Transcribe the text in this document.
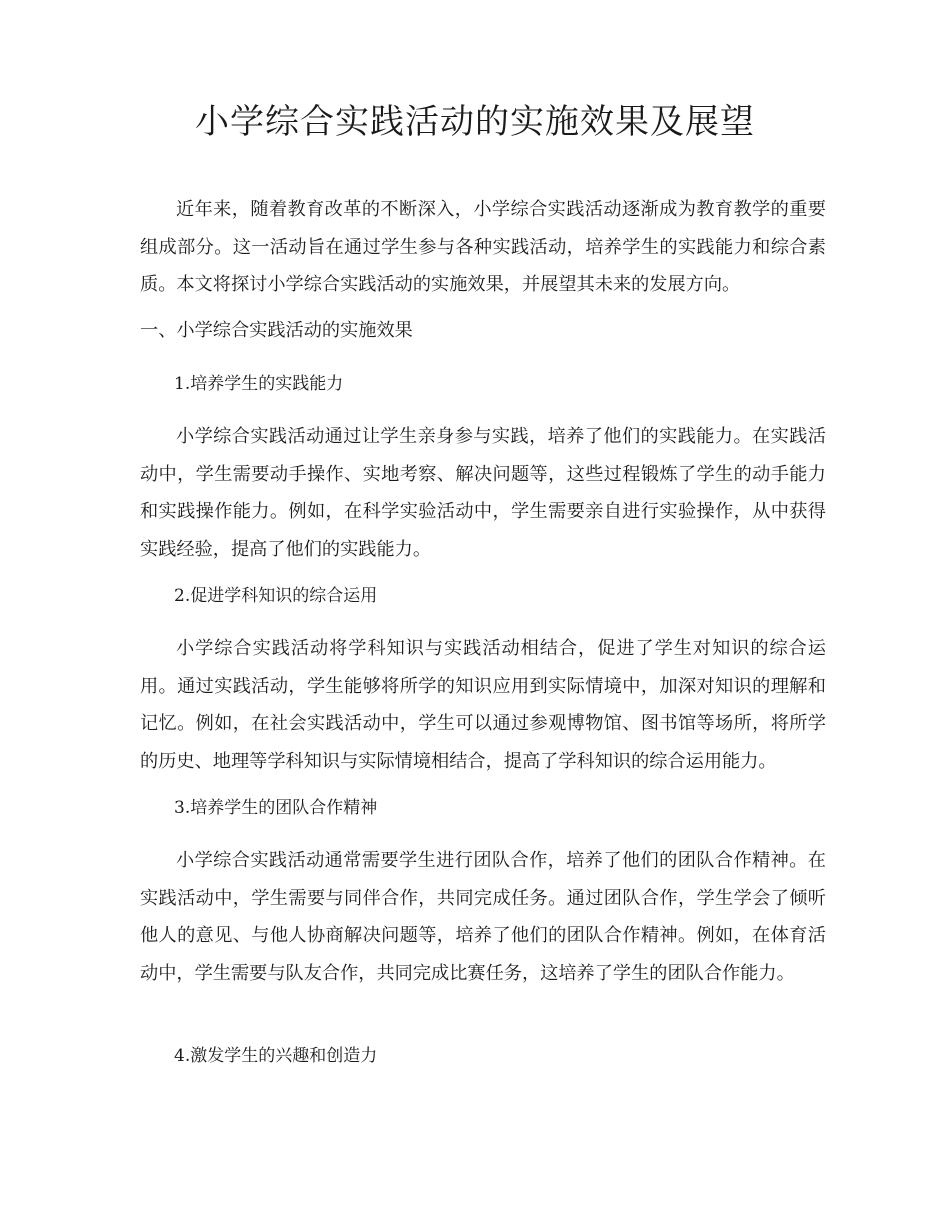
小学综合实践活动的实施效果及展望

近年来，随着教育改革的不断深入，小学综合实践活动逐渐成为教育教学的重要组成部分。这一活动旨在通过学生参与各种实践活动，培养学生的实践能力和综合素质。本文将探讨小学综合实践活动的实施效果，并展望其未来的发展方向。

一、小学综合实践活动的实施效果
1.培养学生的实践能力

小学综合实践活动通过让学生亲身参与实践，培养了他们的实践能力。在实践活动中，学生需要动手操作、实地考察、解决问题等，这些过程锻炼了学生的动手能力和实践操作能力。例如，在科学实验活动中，学生需要亲自进行实验操作，从中获得实践经验，提高了他们的实践能力。

2.促进学科知识的综合运用

小学综合实践活动将学科知识与实践活动相结合，促进了学生对知识的综合运用。通过实践活动，学生能够将所学的知识应用到实际情境中，加深对知识的理解和记忆。例如，在社会实践活动中，学生可以通过参观博物馆、图书馆等场所，将所学的历史、地理等学科知识与实际情境相结合，提高了学科知识的综合运用能力。

3.培养学生的团队合作精神

小学综合实践活动通常需要学生进行团队合作，培养了他们的团队合作精神。在实践活动中，学生需要与同伴合作，共同完成任务。通过团队合作，学生学会了倾听他人的意见、与他人协商解决问题等，培养了他们的团队合作精神。例如，在体育活动中，学生需要与队友合作，共同完成比赛任务，这培养了学生的团队合作能力。

4.激发学生的兴趣和创造力
